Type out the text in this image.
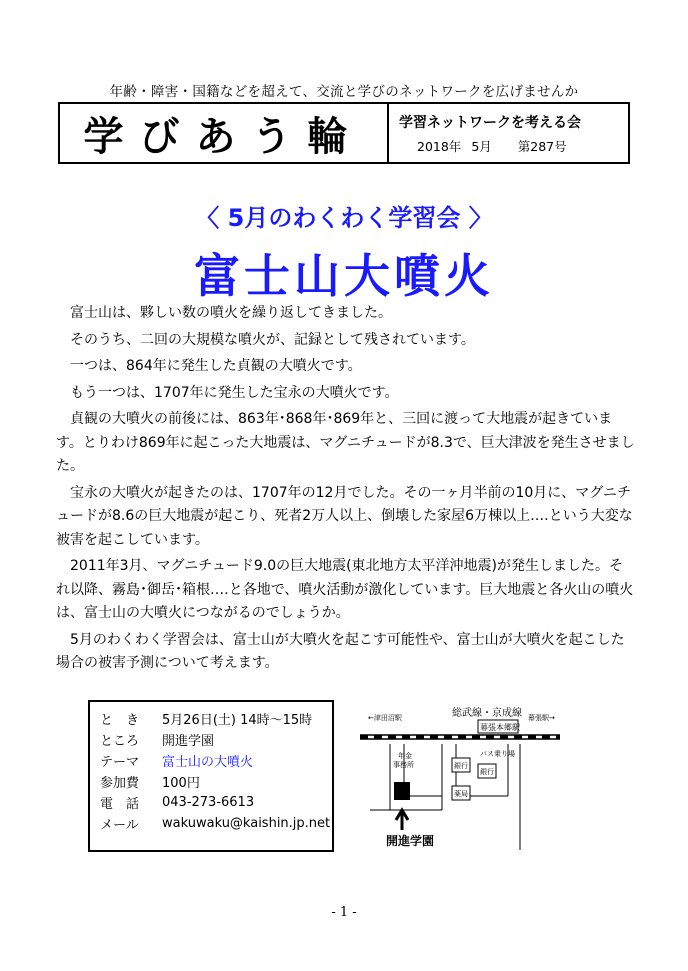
年齢・障害・国籍などを超えて、交流と学びのネットワークを広げませんか
学びあう輪	学習ネットワークを考える会
2018年 5月 第287号
〈 5月のわくわく学習会 〉
富士山大噴火

富士山は、夥しい数の噴火を繰り返してきました。

そのうち、二回の大規模な噴火が、記録として残されています。

一つは、864年に発生した貞観の大噴火です。

もう一つは、1707年に発生した宝永の大噴火です。

貞観の大噴火の前後には、863年･868年･869年と、三回に渡って大地震が起きています。とりわけ869年に起こった大地震は、マグニチュードが8.3で、巨大津波を発生させました。

宝永の大噴火が起きたのは、1707年の12月でした。その一ヶ月半前の10月に、マグニチュードが8.6の巨大地震が起こり、死者2万人以上、倒壊した家屋6万棟以上‥‥という大変な被害を起こしています。

2011年3月、マグニチュード9.0の巨大地震(東北地方太平洋沖地震)が発生しました。それ以降、霧島･御岳･箱根‥‥と各地で、噴火活動が激化しています。巨大地震と各火山の噴火は、富士山の大噴火につながるのでしょうか。

5月のわくわく学習会は、富士山が大噴火を起こす可能性や、富士山が大噴火を起こした場合の被害予測について考えます。

と　き	5月26日(土) 14時～15時
ところ	開進学園
テーマ	富士山の大噴火
参加費	100円
電　話	043-273-6613
メール	wakuwaku@kaishin.jp.net
総武線・京成線
←津田沼駅	幕張駅→
幕張本郷駅
バス乗り場
年金
事務所	銀行
銀行
薬局
開進学園
- 1 -
